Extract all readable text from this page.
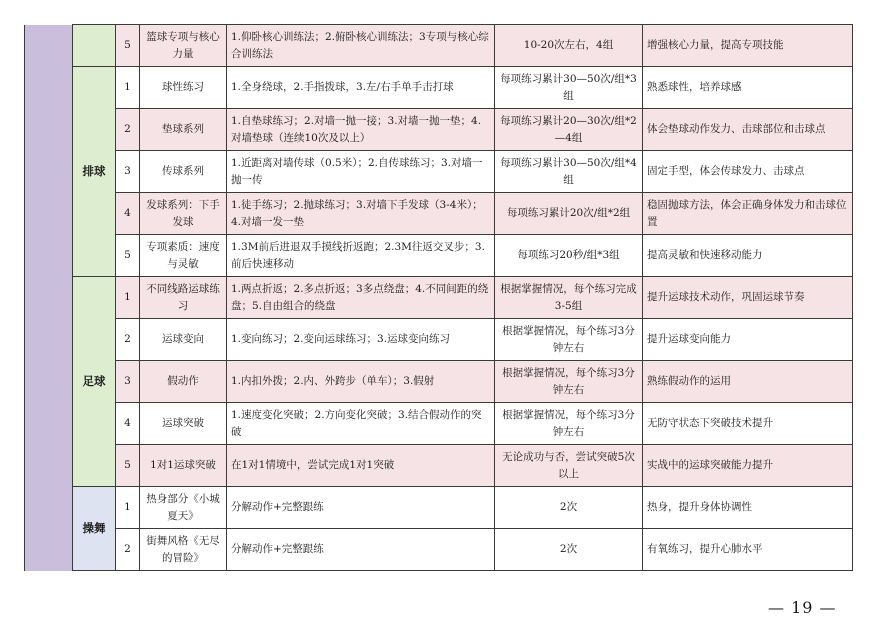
		5	篮球专项与核心力量	1.仰卧核心训练法；2.俯卧核心训练法；3专项与核心综合训练法	10-20次左右，4组	增强核心力量，提高专项技能
	排球	1	球性练习	1.全身绕球，2.手指拨球，3.左/右手单手击打球	每项练习累计30—50次/组*3组	熟悉球性，培养球感
		2	垫球系列	1.自垫球练习；2.对墙一抛一接；3.对墙一抛一垫；4.对墙垫球（连续10次及以上）	每项练习累计20—30次/组*2—4组	体会垫球动作发力、击球部位和击球点
		3	传球系列	1.近距离对墙传球（0.5米）；2.自传球练习；3.对墙一抛一传	每项练习累计30—50次/组*4组	固定手型，体会传球发力、击球点
		4	发球系列：下手发球	1.徒手练习；2.抛球练习；3.对墙下手发球（3-4米）；4.对墙一发一垫	每项练习累计20次/组*2组	稳固抛球方法，体会正确身体发力和击球位置
		5	专项素质：速度与灵敏	1.3M前后进退双手摸线折返跑；2.3M往返交叉步；3.前后快速移动	每项练习20秒/组*3组	提高灵敏和快速移动能力
	足球	1	不同线路运球练习	1.两点折返；2.多点折返；3多点绕盘；4.不同间距的绕盘；5.自由组合的绕盘	根据掌握情况，每个练习完成3-5组	提升运球技术动作，巩固运球节奏
		2	运球变向	1.变向练习；2.变向运球练习；3.运球变向练习	根据掌握情况，每个练习3分钟左右	提升运球变向能力
		3	假动作	1.内扣外拨；2.内、外跨步（单车）；3.假射	根据掌握情况，每个练习3分钟左右	熟练假动作的运用
		4	运球突破	1.速度变化突破；2.方向变化突破；3.结合假动作的突破	根据掌握情况，每个练习3分钟左右	无防守状态下突破技术提升
		5	1对1运球突破	在1对1情境中，尝试完成1对1突破	无论成功与否，尝试突破5次以上	实战中的运球突破能力提升
	操舞	1	热身部分《小城夏天》	分解动作+完整跟练	2次	热身，提升身体协调性
		2	街舞风格《无尽的冒险》	分解动作+完整跟练	2次	有氧练习，提升心肺水平
— 19 —
